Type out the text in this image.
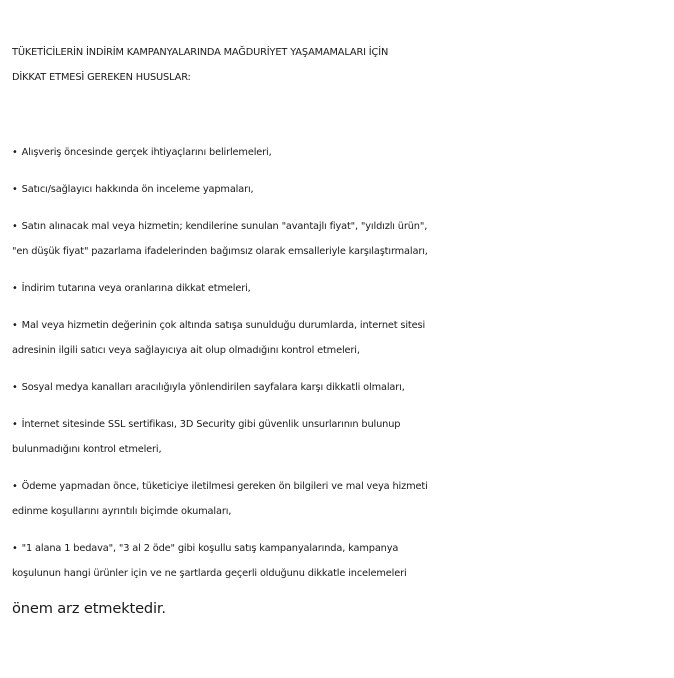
TÜKETİCİLERİN İNDİRİM KAMPANYALARINDA MAĞDURİYET YAŞAMAMALARI İÇİN
DİKKAT ETMESİ GEREKEN HUSUSLAR:

• Alışveriş öncesinde gerçek ihtiyaçlarını belirlemeleri,

• Satıcı/sağlayıcı hakkında ön inceleme yapmaları,

• Satın alınacak mal veya hizmetin; kendilerine sunulan "avantajlı fiyat", "yıldızlı ürün",
"en düşük fiyat" pazarlama ifadelerinden bağımsız olarak emsalleriyle karşılaştırmaları,

• İndirim tutarına veya oranlarına dikkat etmeleri,

• Mal veya hizmetin değerinin çok altında satışa sunulduğu durumlarda, internet sitesi
adresinin ilgili satıcı veya sağlayıcıya ait olup olmadığını kontrol etmeleri,

• Sosyal medya kanalları aracılığıyla yönlendirilen sayfalara karşı dikkatli olmaları,

• İnternet sitesinde SSL sertifikası, 3D Security gibi güvenlik unsurlarının bulunup
bulunmadığını kontrol etmeleri,

• Ödeme yapmadan önce, tüketiciye iletilmesi gereken ön bilgileri ve mal veya hizmeti
edinme koşullarını ayrıntılı biçimde okumaları,

• "1 alana 1 bedava", "3 al 2 öde" gibi koşullu satış kampanyalarında, kampanya
koşulunun hangi ürünler için ve ne şartlarda geçerli olduğunu dikkatle incelemeleri

önem arz etmektedir.
